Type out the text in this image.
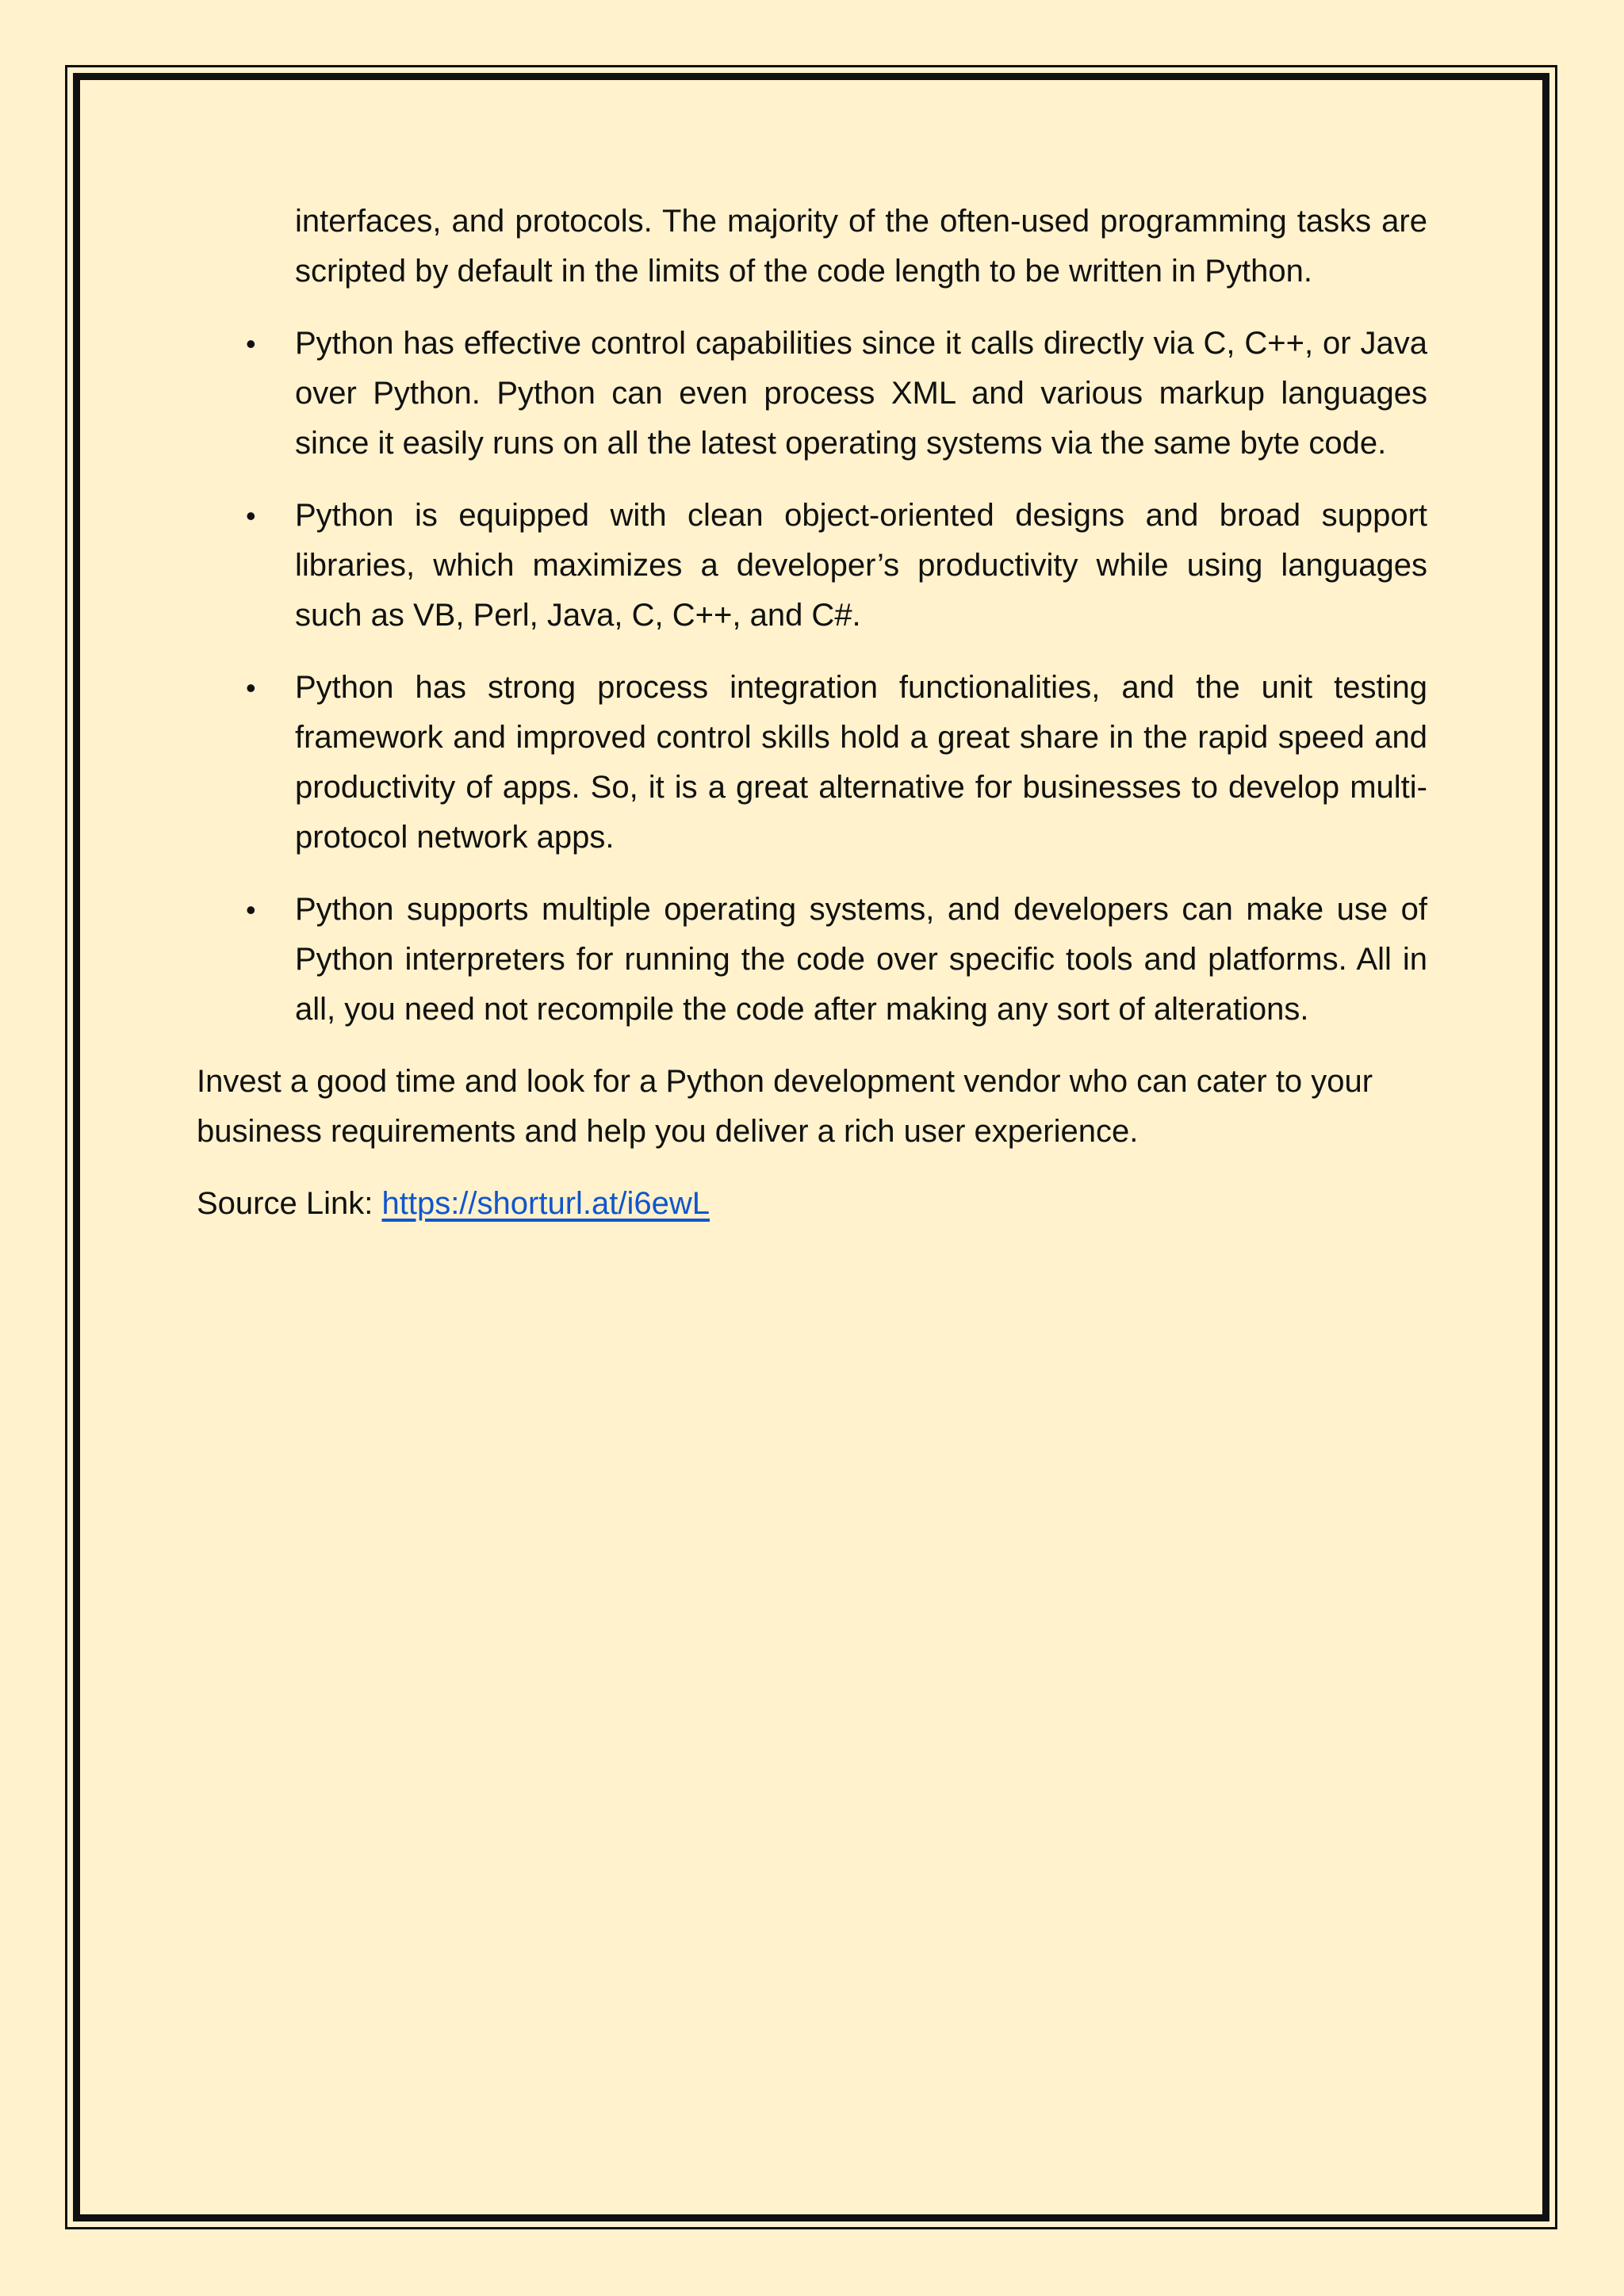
interfaces, and protocols. The majority of the often-used programming tasks are scripted by default in the limits of the code length to be written in Python.

• Python has effective control capabilities since it calls directly via C, C++, or Java over Python. Python can even process XML and various markup languages since it easily runs on all the latest operating systems via the same byte code.
• Python is equipped with clean object-oriented designs and broad support libraries, which maximizes a developer’s productivity while using languages such as VB, Perl, Java, C, C++, and C#.
• Python has strong process integration functionalities, and the unit testing framework and improved control skills hold a great share in the rapid speed and productivity of apps. So, it is a great alternative for businesses to develop multi-protocol network apps.
• Python supports multiple operating systems, and developers can make use of Python interpreters for running the code over specific tools and platforms. All in all, you need not recompile the code after making any sort of alterations.

Invest a good time and look for a Python development vendor who can cater to your business requirements and help you deliver a rich user experience.

Source Link: https://shorturl.at/i6ewL
